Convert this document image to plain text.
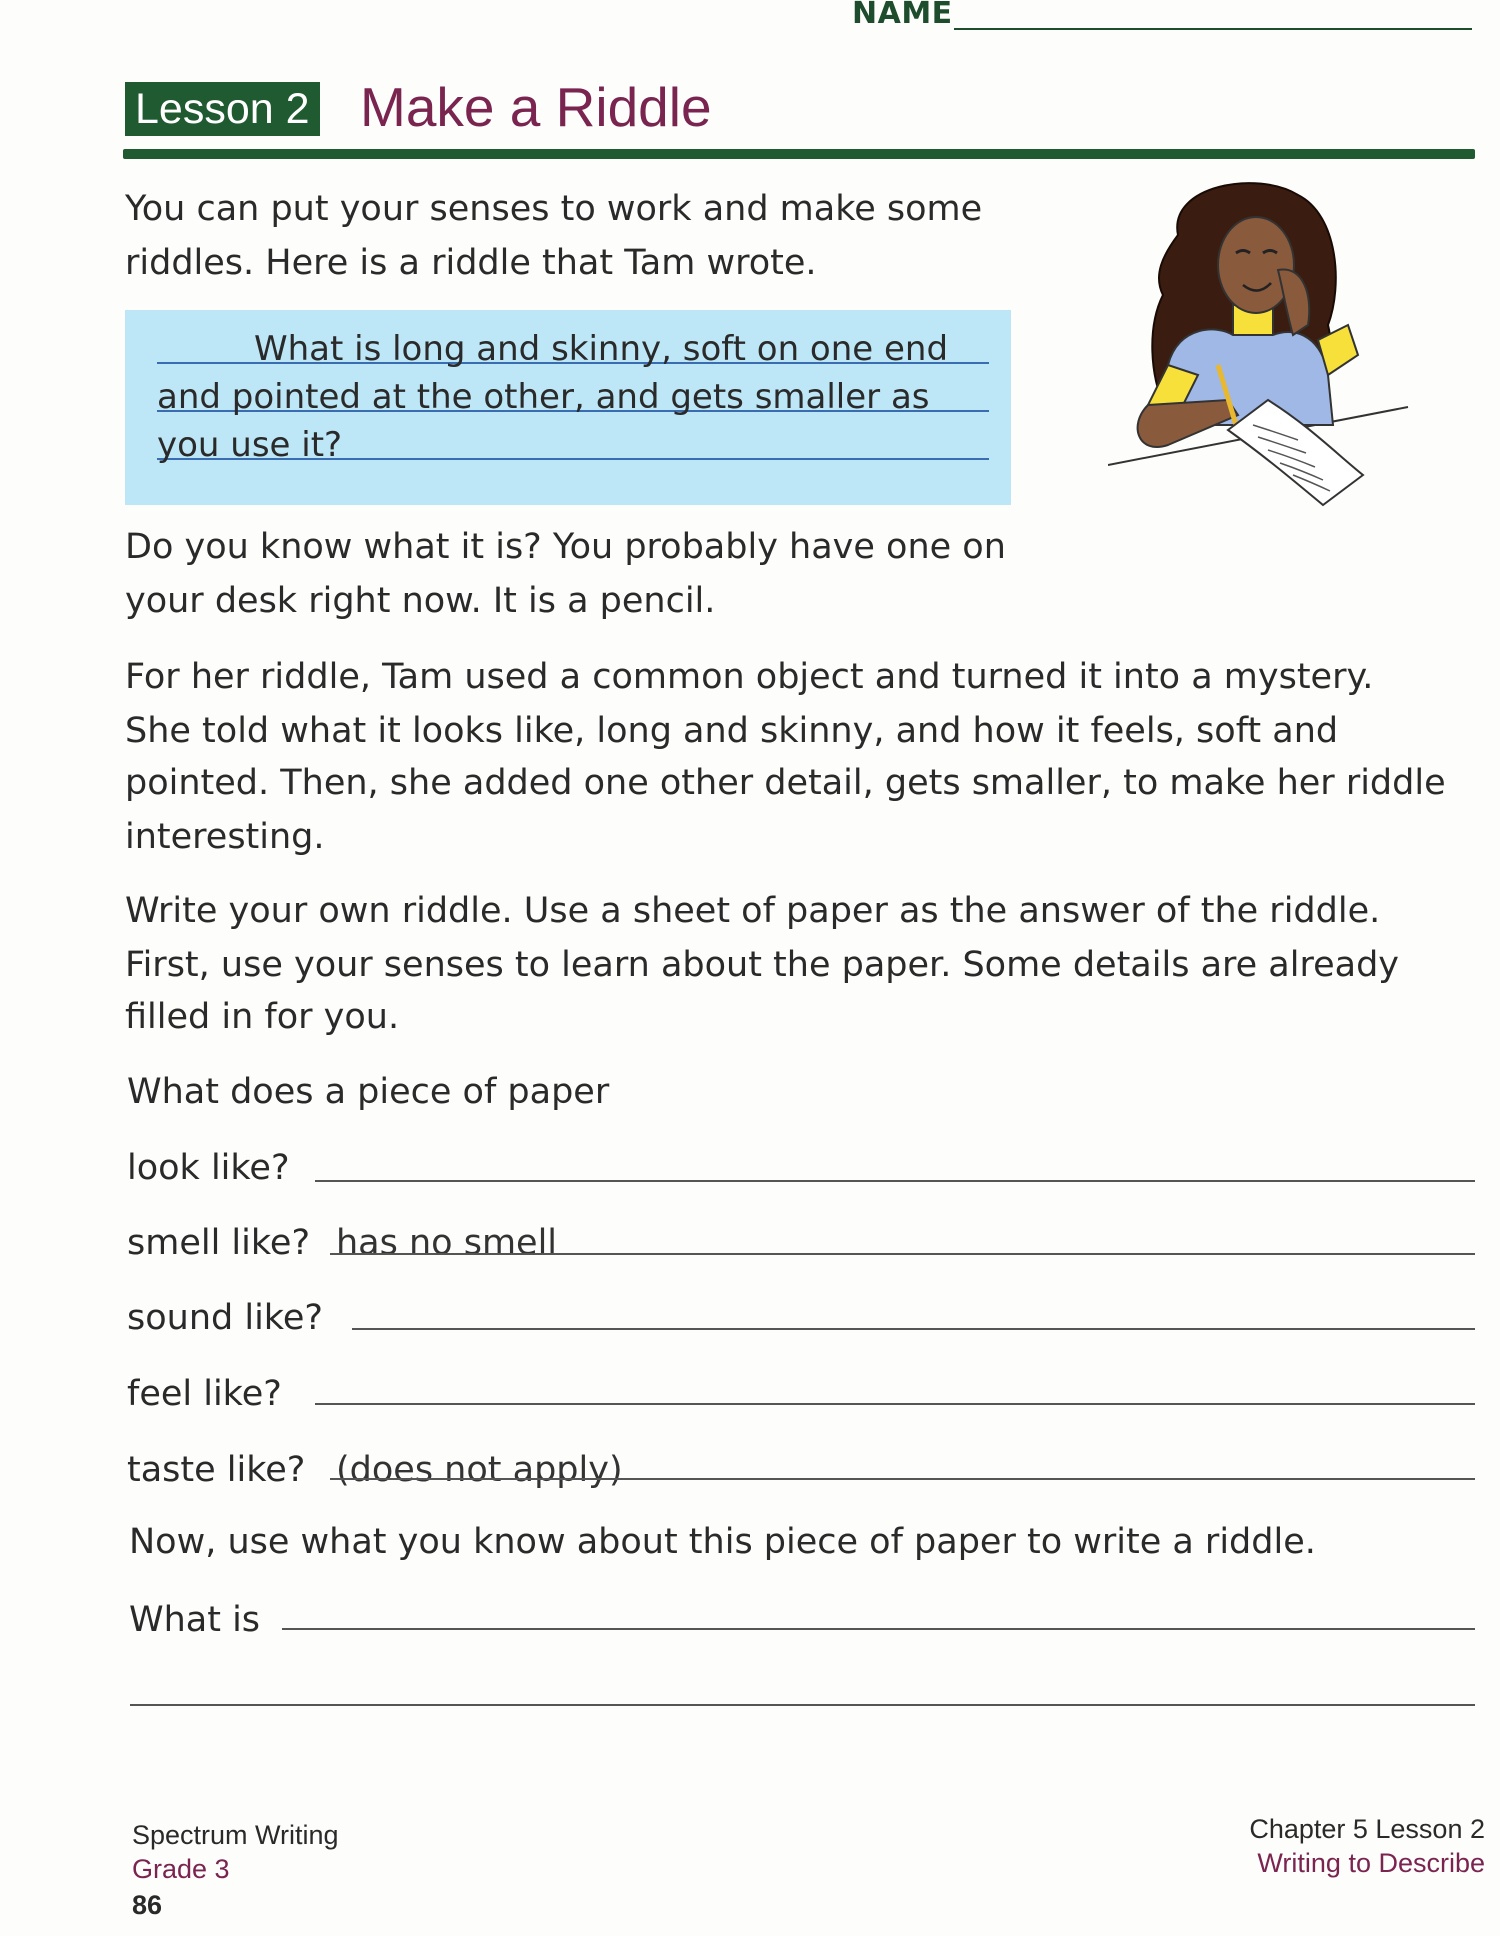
NAME
Lesson 2 Make a Riddle
You can put your senses to work and make some
riddles. Here is a riddle that Tam wrote.
What is long and skinny, soft on one end and pointed at the other, and gets smaller as you use it?
Do you know what it is? You probably have one on
your desk right now. It is a pencil.
For her riddle, Tam used a common object and turned it into a mystery.
She told what it looks like, long and skinny, and how it feels, soft and
pointed. Then, she added one other detail, gets smaller, to make her riddle
interesting.
Write your own riddle. Use a sheet of paper as the answer of the riddle.
First, use your senses to learn about the paper. Some details are already
filled in for you.
What does a piece of paper
look like?
smell like? has no smell
sound like?
feel like?
taste like? (does not apply)
Now, use what you know about this piece of paper to write a riddle.
What is
Spectrum Writing
Grade 3
86
Chapter 5 Lesson 2
Writing to Describe
